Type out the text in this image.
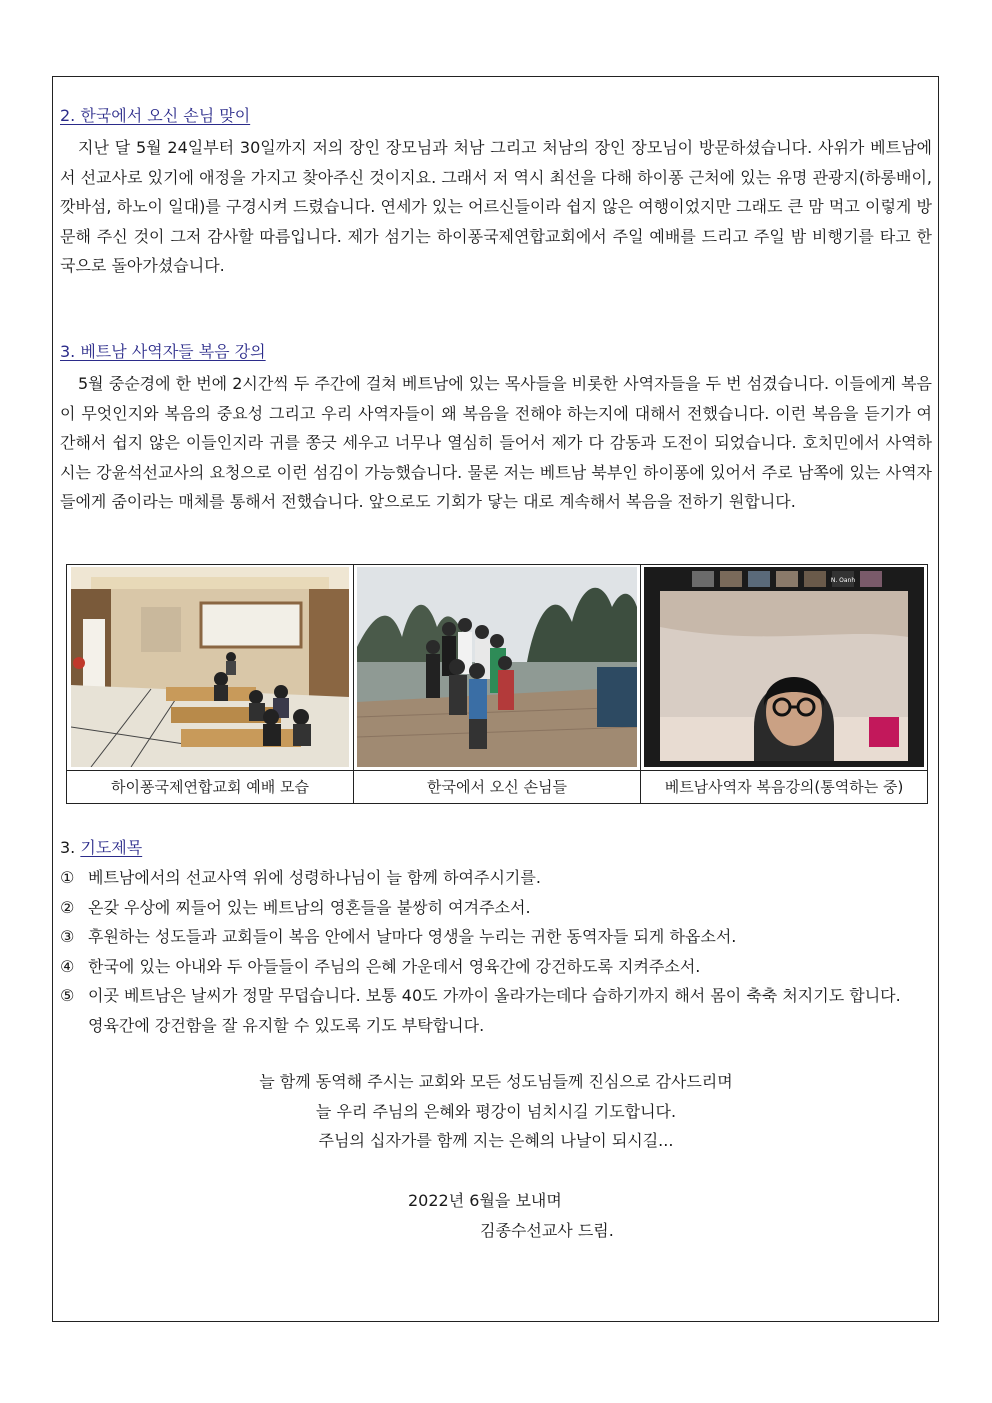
2. 한국에서 오신 손님 맞이

지난 달 5월 24일부터 30일까지 저의 장인 장모님과 처남 그리고 처남의 장인 장모님이 방문하셨습니다. 사위가 베트남에서 선교사로 있기에 애정을 가지고 찾아주신 것이지요. 그래서 저 역시 최선을 다해 하이퐁 근처에 있는 유명 관광지(하롱배이, 깟바섬, 하노이 일대)를 구경시켜 드렸습니다. 연세가 있는 어르신들이라 쉽지 않은 여행이었지만 그래도 큰 맘 먹고 이렇게 방문해 주신 것이 그저 감사할 따름입니다. 제가 섬기는 하이퐁국제연합교회에서 주일 예배를 드리고 주일 밤 비행기를 타고 한국으로 돌아가셨습니다.

3. 베트남 사역자들 복음 강의

5월 중순경에 한 번에 2시간씩 두 주간에 걸쳐 베트남에 있는 목사들을 비롯한 사역자들을 두 번 섬겼습니다. 이들에게 복음이 무엇인지와 복음의 중요성 그리고 우리 사역자들이 왜 복음을 전해야 하는지에 대해서 전했습니다. 이런 복음을 듣기가 여간해서 쉽지 않은 이들인지라 귀를 쫑긋 세우고 너무나 열심히 들어서 제가 다 감동과 도전이 되었습니다. 호치민에서 사역하시는 강윤석선교사의 요청으로 이런 섬김이 가능했습니다. 물론 저는 베트남 북부인 하이퐁에 있어서 주로 남쪽에 있는 사역자들에게 줌이라는 매체를 통해서 전했습니다. 앞으로도 기회가 닿는 대로 계속해서 복음을 전하기 원합니다.

N. Oanh

하이퐁국제연합교회 예배 모습	한국에서 오신 손님들	베트남사역자 복음강의(통역하는 중)

3. 기도제목

① 베트남에서의 선교사역 위에 성령하나님이 늘 함께 하여주시기를.
② 온갖 우상에 찌들어 있는 베트남의 영혼들을 불쌍히 여겨주소서.
③ 후원하는 성도들과 교회들이 복음 안에서 날마다 영생을 누리는 귀한 동역자들 되게 하옵소서.
④ 한국에 있는 아내와 두 아들들이 주님의 은혜 가운데서 영육간에 강건하도록 지켜주소서.
⑤ 이곳 베트남은 날씨가 정말 무덥습니다. 보통 40도 가까이 올라가는데다 습하기까지 해서 몸이 축축 처지기도 합니다. 영육간에 강건함을 잘 유지할 수 있도록 기도 부탁합니다.
늘 함께 동역해 주시는 교회와 모든 성도님들께 진심으로 감사드리며
늘 우리 주님의 은혜와 평강이 넘치시길 기도합니다.
주님의 십자가를 함께 지는 은혜의 나날이 되시길...
2022년 6월을 보내며
김종수선교사 드림.
